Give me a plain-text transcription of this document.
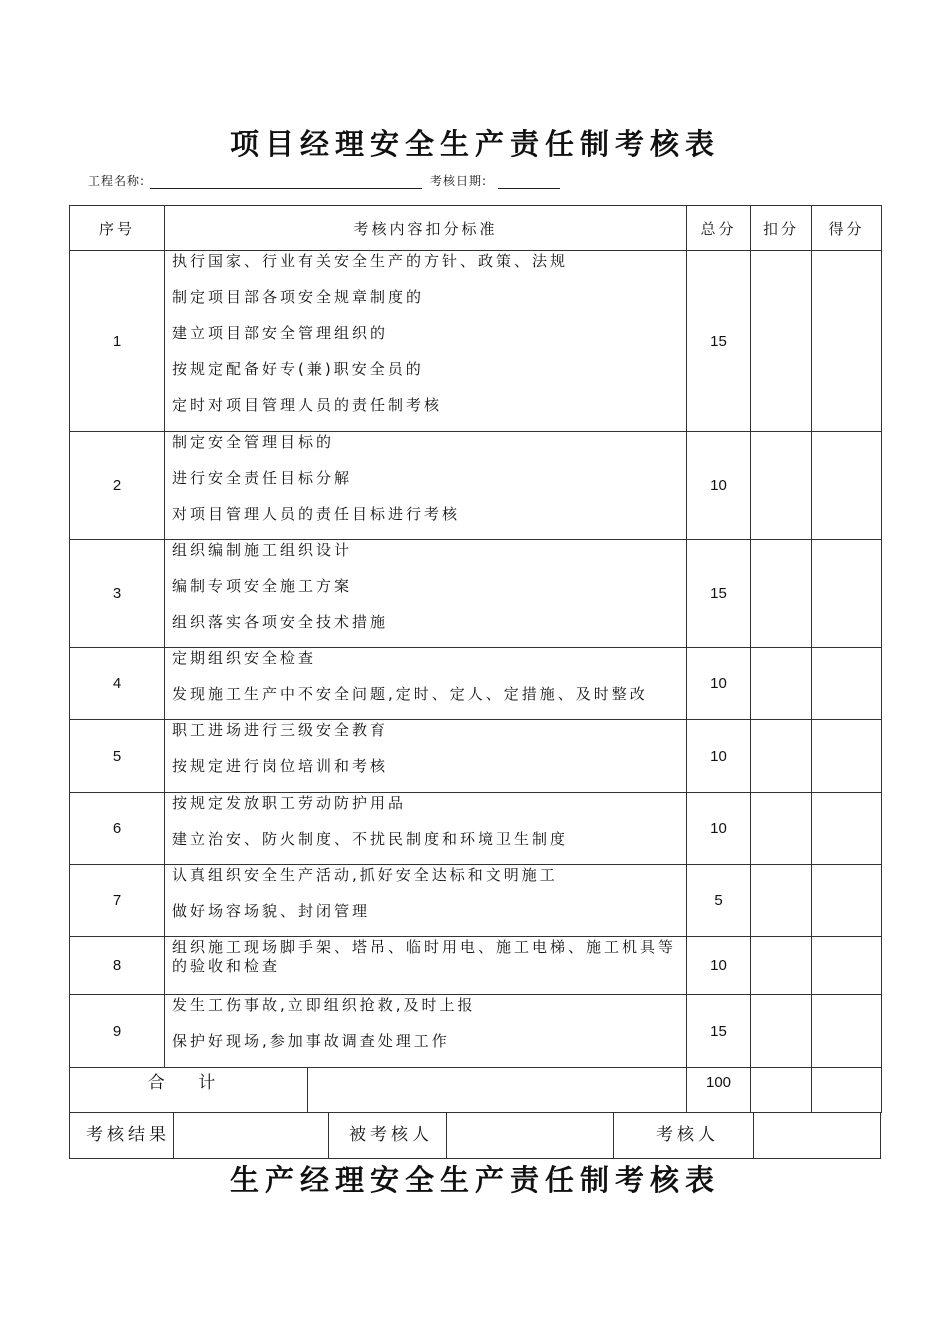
项目经理安全生产责任制考核表
工程名称:	考核日期:
序号	考核内容扣分标准	总分	扣分	得分
1	执行国家、行业有关安全生产的方针、政策、法规
制定项目部各项安全规章制度的
建立项目部安全管理组织的
按规定配备好专(兼)职安全员的
定时对项目管理人员的责任制考核	15		
2	制定安全管理目标的
进行安全责任目标分解
对项目管理人员的责任目标进行考核	10		
3	组织编制施工组织设计
编制专项安全施工方案
组织落实各项安全技术措施	15		
4	定期组织安全检查
发现施工生产中不安全问题,定时、定人、定措施、及时整改	10		
5	职工进场进行三级安全教育
按规定进行岗位培训和考核	10		
6	按规定发放职工劳动防护用品
建立治安、防火制度、不扰民制度和环境卫生制度	10		
7	认真组织安全生产活动,抓好安全达标和文明施工
做好场容场貌、封闭管理	5		
8	组织施工现场脚手架、塔吊、临时用电、施工电梯、施工机具等的验收和检查	10		
9	发生工伤事故,立即组织抢救,及时上报
保护好现场,参加事故调查处理工作	15		

合 计		100		
考核结果	被考核人	考核人
生产经理安全生产责任制考核表
